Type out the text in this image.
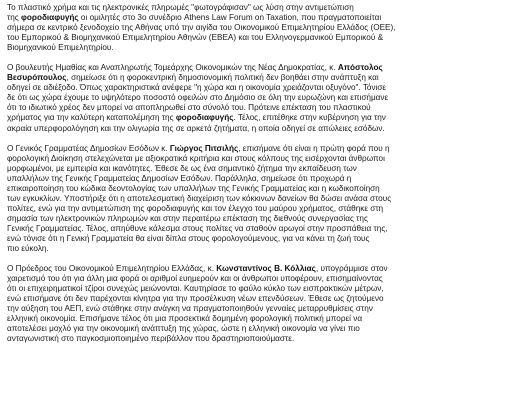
Το πλαστικό χρήμα και τις ηλεκτρονικές πληρωμές "φωτογράφισαν" ως λύση στην αντιμετώπιση
της φοροδιαφυγής οι ομιλητές στο 3ο συνέδριο Athens Law Forum on Taxation, που πραγματοποιείται
σήμερα σε κεντρικό ξενοδοχείο της Αθήνας υπό την αιγίδα του Οικονομικού Επιμελητηρίου Ελλάδος (ΟΕΕ),
του Εμπορικού & Βιομηχανικού Επιμελητηρίου Αθηνών (ΕΒΕΑ) και του Ελληνογερμανικού Εμπορικού &
Βιομηχανικού Επιμελητηρίου.
Ο βουλευτής Ημαθίας και Αναπληρωτής Τομεάρχης Οικονομικών της Νέας Δημοκρατίας, κ. Απόστολος
Βεσυρόπουλος, σημείωσε ότι η φοροκεντρική δημοσιονομική πολιτική δεν βοηθάει στην ανάπτυξη και
οδηγεί σε αδιέξοδο. Όπως χαρακτηριστικά ανέφερε "η χώρα και η οικονομία χρειάζονται οξυγόνο". Τόνισε
δε ότι ως χώρα έχουμε το υψηλότερο ποσοστό οφειλών στο Δημόσιο σε όλη την ευρωζώνη και επισήμανε
ότι το ιδιωτικό χρέος δεν μπορεί να αποπληρωθεί στο σύνολό του. Πρότεινε επέκταση του πλαστικού
χρήματος για την καλύτερη καταπολέμηση της φοροδιαφυγής. Τέλος, επιτέθηκε στην κυβέρνηση για την
ακραία υπερφορολόγηση και την ολιγωρία της σε αρκετά ζητήματα, η οποία οδηγεί σε απώλειες εσόδων.
Ο Γενικός Γραμματέας Δημοσίων Εσόδων κ. Γιώργος Πιτσιλής, επισήμανε ότι είναι η πρώτη φορά που η
φορολογική Διοίκηση στελεχώνεται με αξιοκρατικά κριτήρια και στους κόλπους της εισέρχονται άνθρωποι
μορφωμένοι, με εμπειρία και ικανότητες. Έθεσε δε ως ένα σημαντικό ζήτημα την εκπαίδευση των
υπαλλήλων της Γενικής Γραμματείας Δημοσίων Εσόδων. Παράλληλα, σημείωσε ότι προχωρά η
επικαιροποίηση του κώδικα δεοντολογίας των υπαλλήλων της Γενικής Γραμματείας και η κωδικοποίηση
των εγκυκλίων. Υποστήριξε ότι η αποτελεσματική διαχείριση των κόκκινων δανείων θα δώσει ανάσα στους
πολίτες, ενώ για την αντιμετώπιση της φοροδιαφυγής και τον έλεγχο του μαύρου χρήματος, στάθηκε στη
σημασία των ηλεκτρονικών πληρωμών και στην περαιτέρω επέκταση της διεθνούς συνεργασίας της
Γενικής Γραμματείας. Τέλος, απηύθυνε κάλεσμα στους πολίτες να σταθούν αρωγοί στην προσπάθεια της,
ενώ τόνισε ότι η Γενική Γραμματεία θα είναι δίπλα στους φορολογούμενους, για να κάνει τη ζωή τους
πιο εύκολη.
Ο Πρόεδρος του Οικονομικού Επιμελητηρίου Ελλάδας, κ. Κωνσταντίνος Β. Κόλλιας, υπογράμμισε στον
χαιρετισμό του ότι για άλλη μια φορά οι αριθμοί ευημερούν και οι άνθρωποι υποφέρουν, επισημαίνοντας
ότι οι επιχειρηματικοί τζίροι συνεχώς μειώνονται. Καυτηρίασε το φαύλο κύκλο των εισπρακτικών μέτρων,
ενώ επισήμανε ότι δεν παρέχονται κίνητρα για την προσέλκυση νέων επενδύσεων. Έθεσε ως ζητούμενο
την αύξηση του ΑΕΠ, ενώ στάθηκε στην ανάγκη να πραγματοποιηθούν γενναίες μεταρρυθμίσεις στην
ελληνική οικονομία. Επισήμανε τέλος ότι μια προσεκτικά δομημένη φορολογική πολιτική μπορεί να
αποτελέσει μοχλό για την οικονομική ανάπτυξη της χώρας, ώστε η ελληνική οικονομία να γίνει πιο
ανταγωνιστική στο παγκοσμιοποιημένο περιβάλλον που δραστηριοποιούμαστε.
